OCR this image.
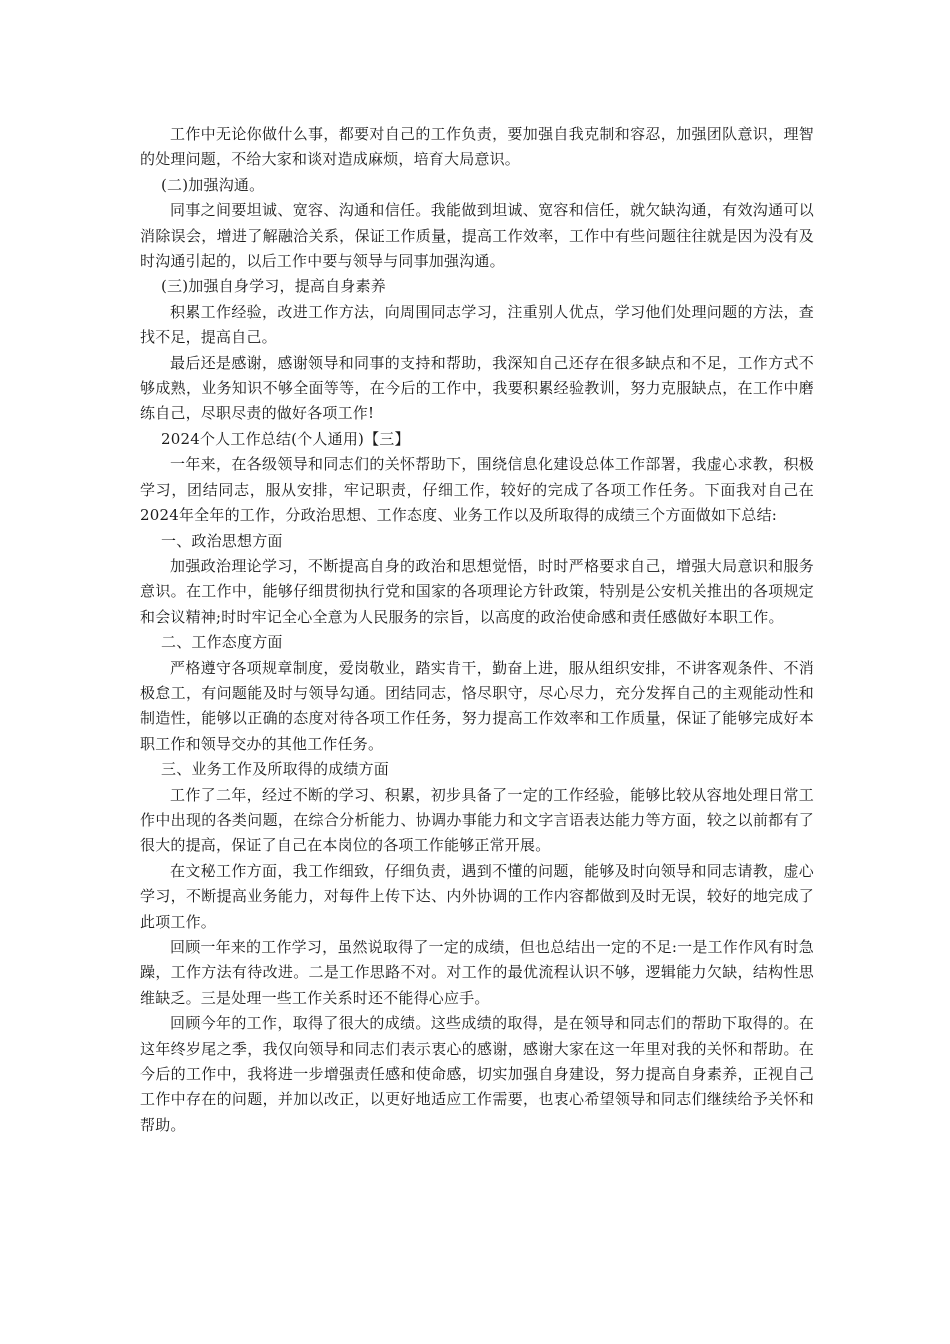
工作中无论你做什么事，都要对自己的工作负责，要加强自我克制和容忍，加强团队意识，理智的处理问题，不给大家和谈对造成麻烦，培育大局意识。

(二)加强沟通。

同事之间要坦诚、宽容、沟通和信任。我能做到坦诚、宽容和信任，就欠缺沟通，有效沟通可以消除误会，增进了解融洽关系，保证工作质量，提高工作效率，工作中有些问题往往就是因为没有及时沟通引起的，以后工作中要与领导与同事加强沟通。

(三)加强自身学习，提高自身素养

积累工作经验，改进工作方法，向周围同志学习，注重别人优点，学习他们处理问题的方法，查找不足，提高自己。

最后还是感谢，感谢领导和同事的支持和帮助，我深知自己还存在很多缺点和不足，工作方式不够成熟，业务知识不够全面等等，在今后的工作中，我要积累经验教训，努力克服缺点，在工作中磨练自己，尽职尽责的做好各项工作!

2024个人工作总结(个人通用)【三】

一年来，在各级领导和同志们的关怀帮助下，围绕信息化建设总体工作部署，我虚心求教，积极学习，团结同志，服从安排，牢记职责，仔细工作，较好的完成了各项工作任务。下面我对自己在2024年全年的工作，分政治思想、工作态度、业务工作以及所取得的成绩三个方面做如下总结:

一、政治思想方面

加强政治理论学习，不断提高自身的政治和思想觉悟，时时严格要求自己，增强大局意识和服务意识。在工作中，能够仔细贯彻执行党和国家的各项理论方针政策，特别是公安机关推出的各项规定和会议精神;时时牢记全心全意为人民服务的宗旨，以高度的政治使命感和责任感做好本职工作。

二、工作态度方面

严格遵守各项规章制度，爱岗敬业，踏实肯干，勤奋上进，服从组织安排，不讲客观条件、不消极怠工，有问题能及时与领导勾通。团结同志，恪尽职守，尽心尽力，充分发挥自己的主观能动性和制造性，能够以正确的态度对待各项工作任务，努力提高工作效率和工作质量，保证了能够完成好本职工作和领导交办的其他工作任务。

三、业务工作及所取得的成绩方面

工作了二年，经过不断的学习、积累，初步具备了一定的工作经验，能够比较从容地处理日常工作中出现的各类问题，在综合分析能力、协调办事能力和文字言语表达能力等方面，较之以前都有了很大的提高，保证了自己在本岗位的各项工作能够正常开展。

在文秘工作方面，我工作细致，仔细负责，遇到不懂的问题，能够及时向领导和同志请教，虚心学习，不断提高业务能力，对每件上传下达、内外协调的工作内容都做到及时无误，较好的地完成了此项工作。

回顾一年来的工作学习，虽然说取得了一定的成绩，但也总结出一定的不足:一是工作作风有时急躁，工作方法有待改进。二是工作思路不对。对工作的最优流程认识不够，逻辑能力欠缺，结构性思维缺乏。三是处理一些工作关系时还不能得心应手。

回顾今年的工作，取得了很大的成绩。这些成绩的取得，是在领导和同志们的帮助下取得的。在这年终岁尾之季，我仅向领导和同志们表示衷心的感谢，感谢大家在这一年里对我的关怀和帮助。在今后的工作中，我将进一步增强责任感和使命感，切实加强自身建设，努力提高自身素养，正视自己工作中存在的问题，并加以改正，以更好地适应工作需要，也衷心希望领导和同志们继续给予关怀和帮助。
